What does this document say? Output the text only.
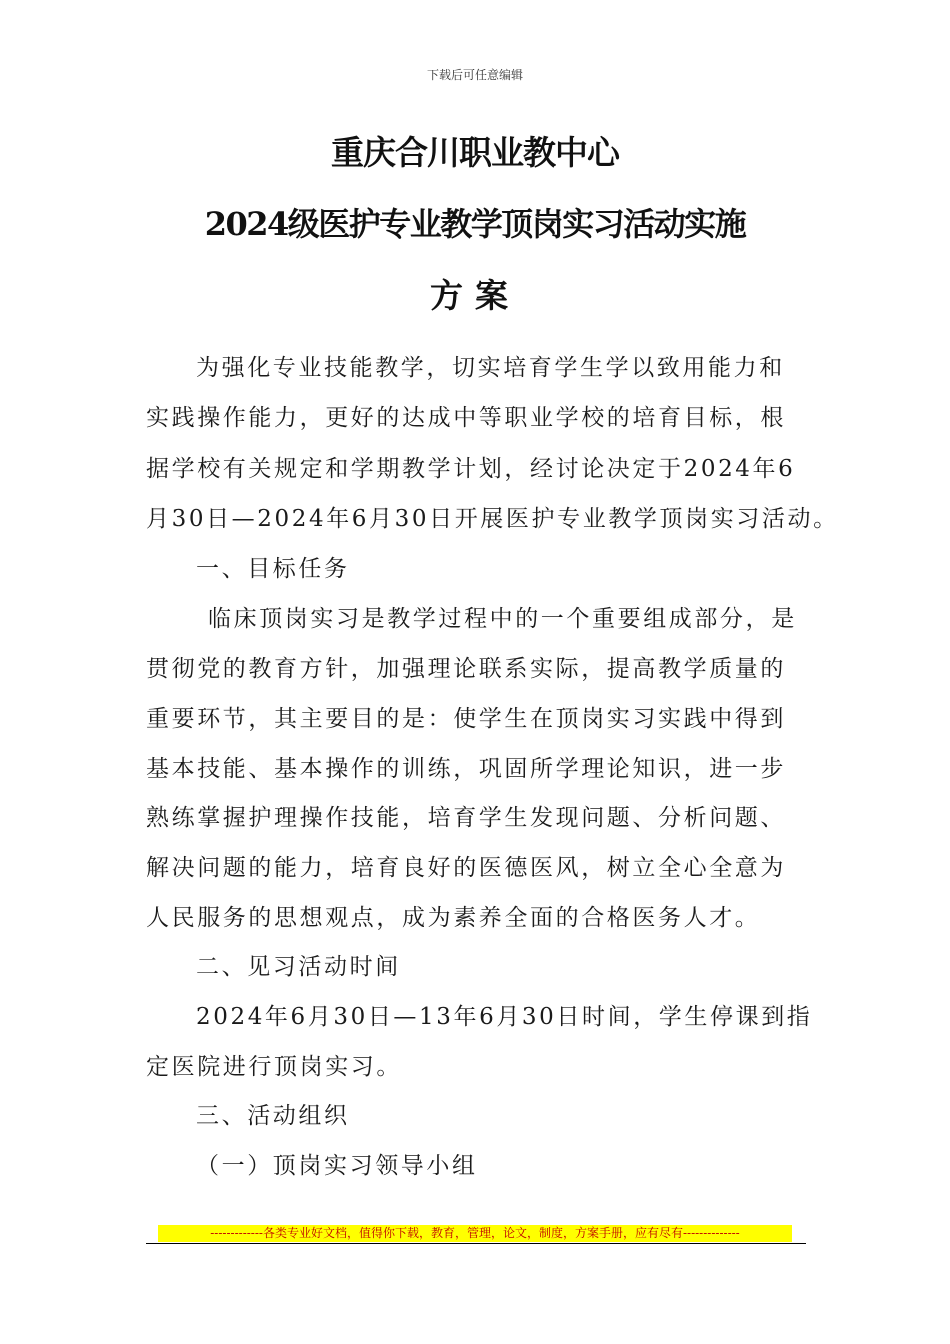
下载后可任意编辑
重庆合川职业教中心
2024级医护专业教学顶岗实习活动实施
方案
为强化专业技能教学，切实培育学生学以致用能力和
实践操作能力，更好的达成中等职业学校的培育目标，根
据学校有关规定和学期教学计划，经讨论决定于2024年6
月30日—2024年6月30日开展医护专业教学顶岗实习活动。
一、目标任务
临床顶岗实习是教学过程中的一个重要组成部分，是
贯彻党的教育方针，加强理论联系实际，提高教学质量的
重要环节，其主要目的是：使学生在顶岗实习实践中得到
基本技能、基本操作的训练，巩固所学理论知识，进一步
熟练掌握护理操作技能，培育学生发现问题、分析问题、
解决问题的能力，培育良好的医德医风，树立全心全意为
人民服务的思想观点，成为素养全面的合格医务人才。
二、见习活动时间
2024年6月30日—13年6月30日时间，学生停课到指
定医院进行顶岗实习。
三、活动组织
（一）顶岗实习领导小组
-------------各类专业好文档，值得你下载，教育，管理，论文，制度，方案手册，应有尽有--------------
